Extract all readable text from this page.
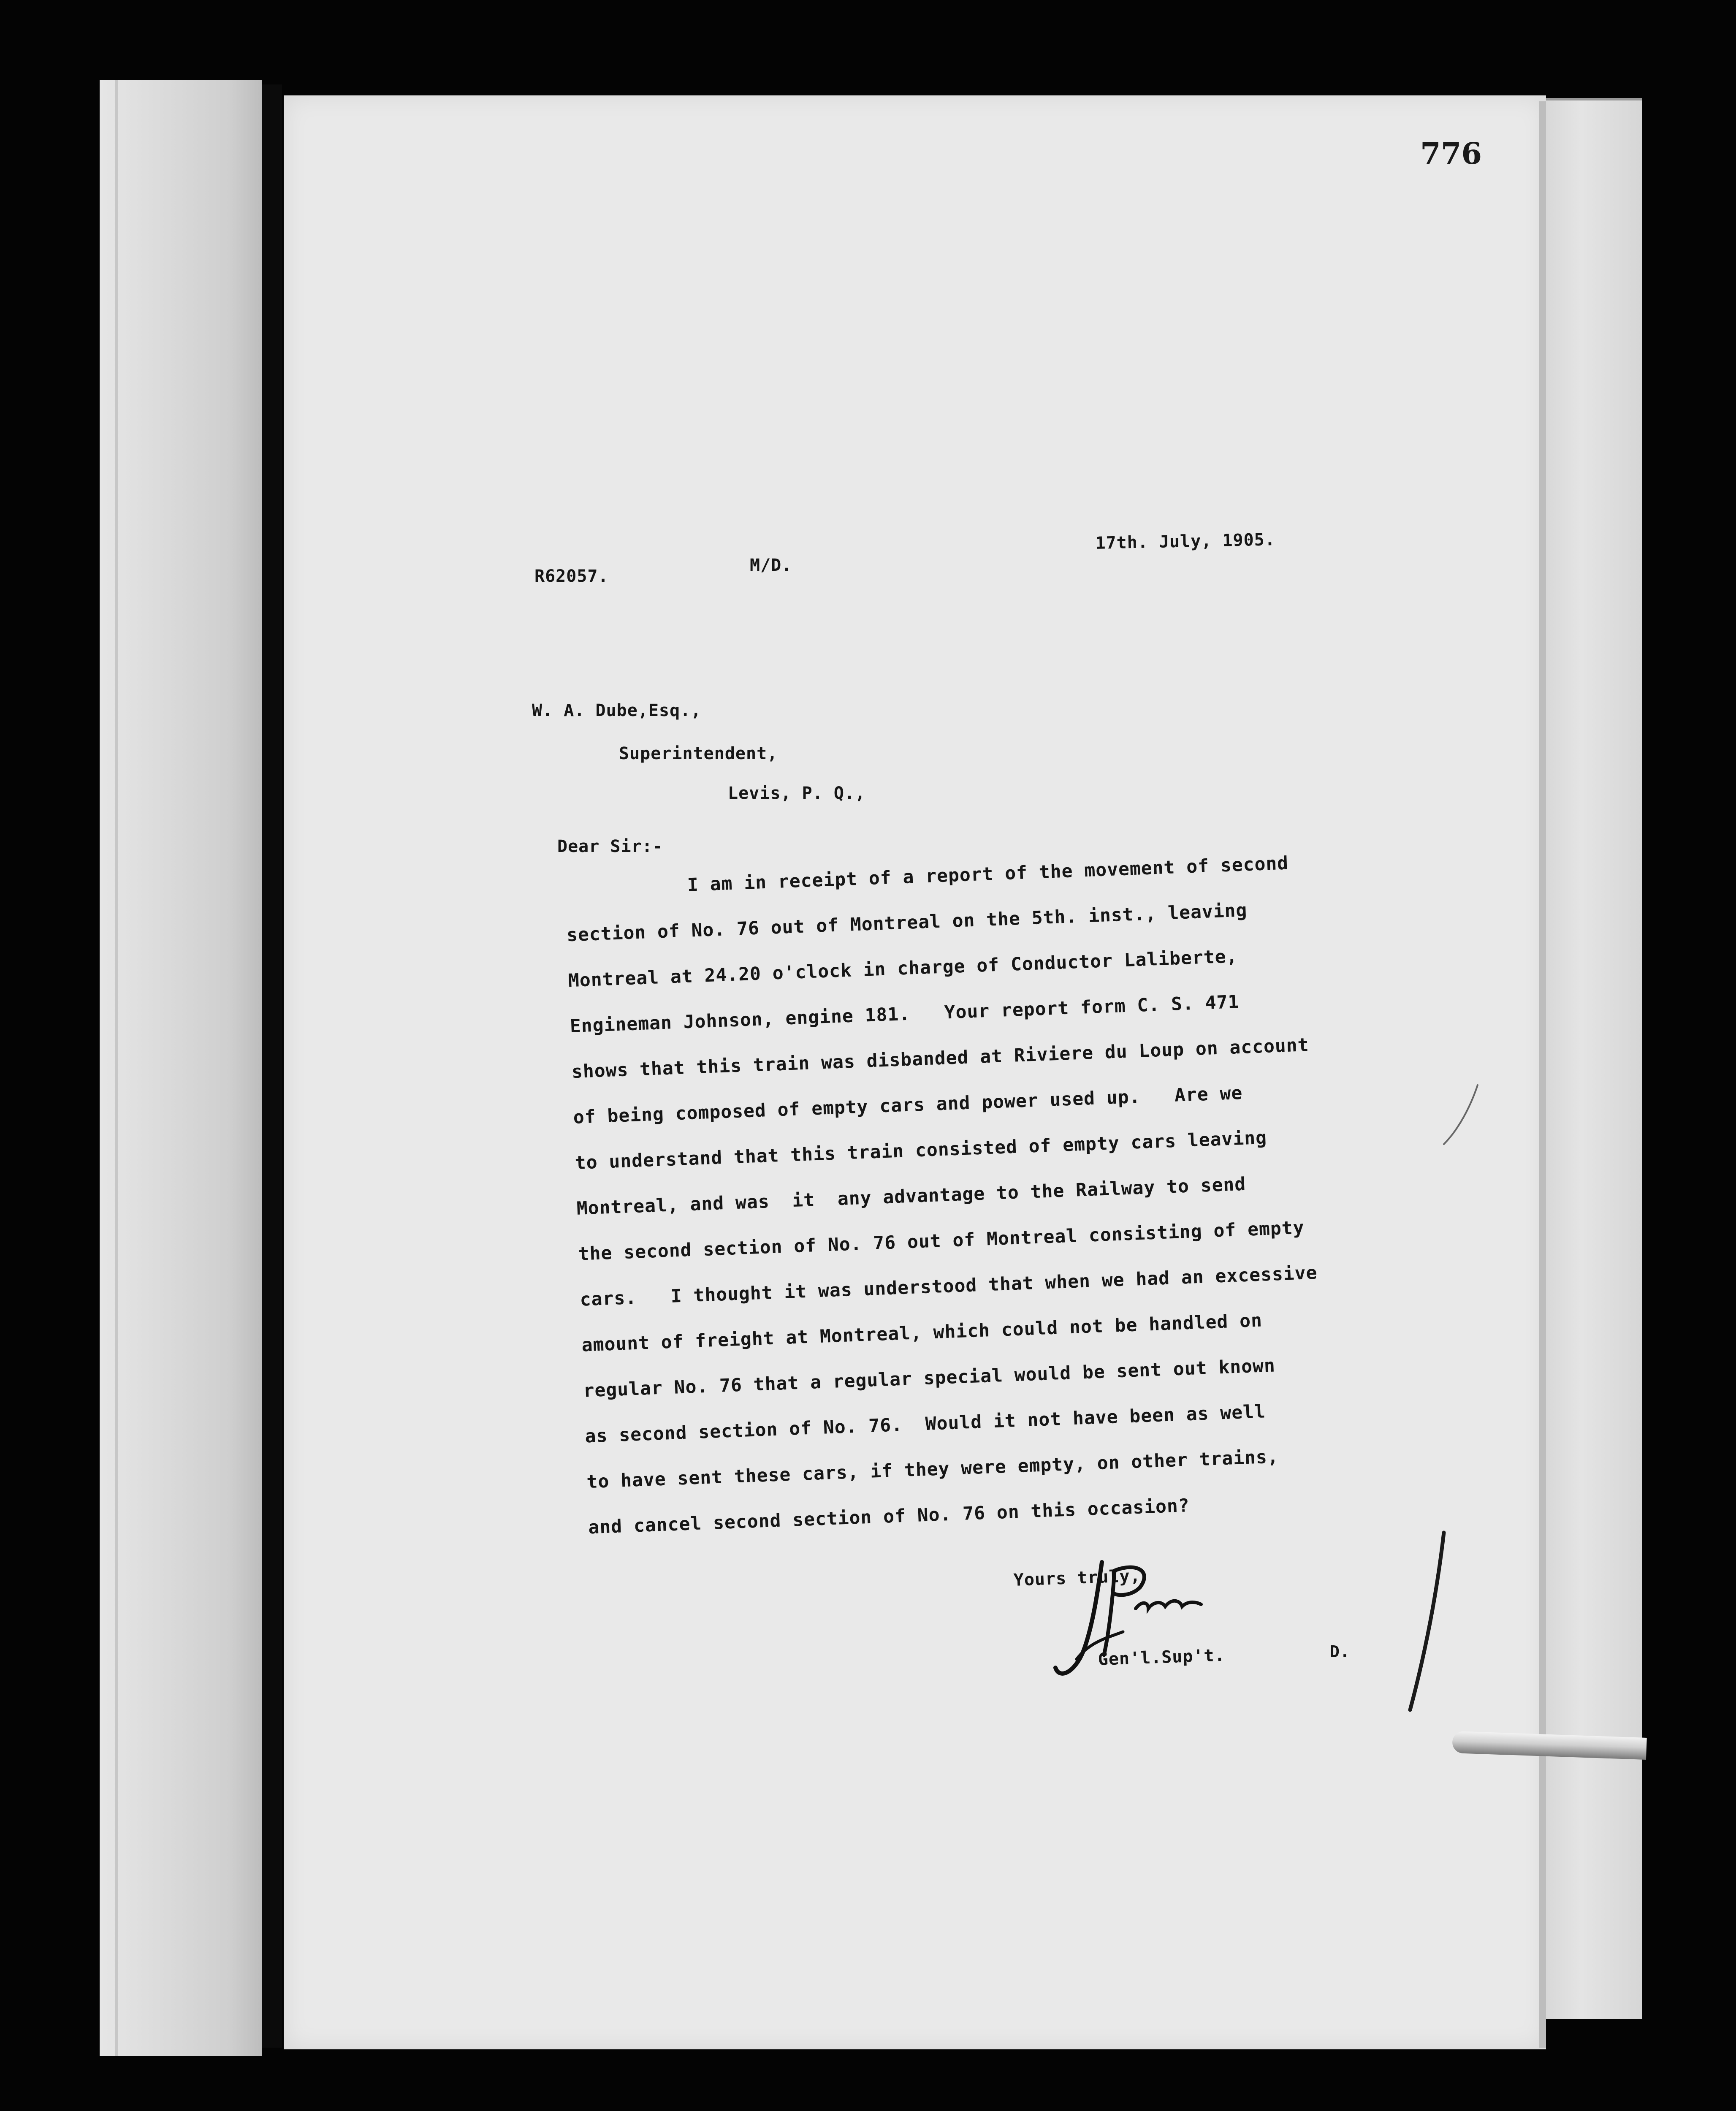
776
R62057.
M/D.
17th. July, 1905.
W. A. Dube,Esq.,
Superintendent,
Levis, P. Q.,
Dear Sir:-
I am in receipt of a report of the movement of second
section of No. 76 out of Montreal on the 5th. inst., leaving
Montreal at 24.20 o'clock in charge of Conductor Laliberte,
Engineman Johnson, engine 181.   Your report form C. S. 471
shows that this train was disbanded at Riviere du Loup on account
of being composed of empty cars and power used up.   Are we
to understand that this train consisted of empty cars leaving
Montreal, and was  it  any advantage to the Railway to send
the second section of No. 76 out of Montreal consisting of empty
cars.   I thought it was understood that when we had an excessive
amount of freight at Montreal, which could not be handled on
regular No. 76 that a regular special would be sent out known
as second section of No. 76.  Would it not have been as well
to have sent these cars, if they were empty, on other trains,
and cancel second section of No. 76 on this occasion?
Yours truly,
Gen'l.Sup't.	D.
